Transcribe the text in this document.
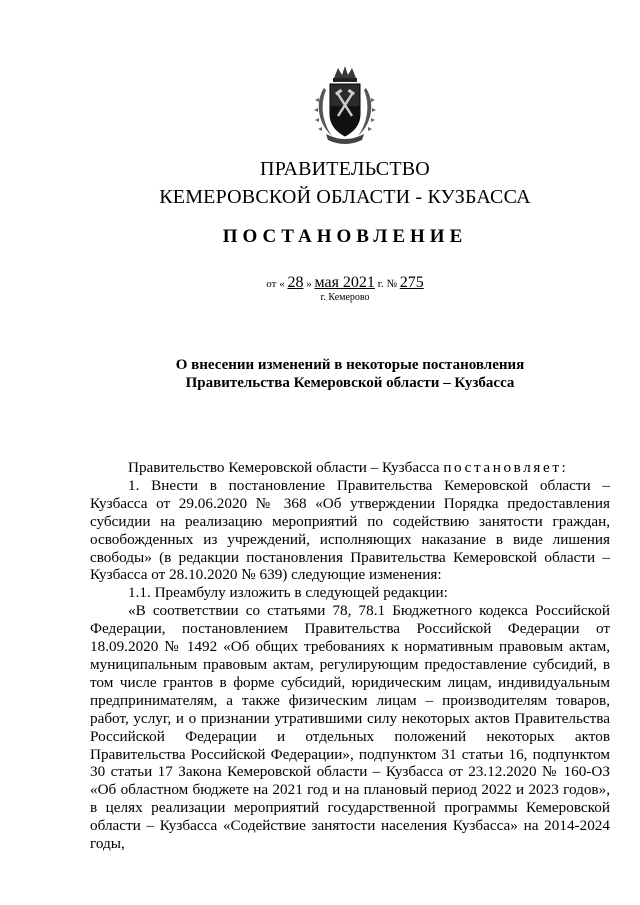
ПРАВИТЕЛЬСТВО
КЕМЕРОВСКОЙ ОБЛАСТИ - КУЗБАССА
ПОСТАНОВЛЕНИЕ
от « 28 » мая 2021 г. № 275
г. Кемерово
О внесении изменений в некоторые постановления
Правительства Кемеровской области – Кузбасса

Правительство Кемеровской области – Кузбасса постановляет:

1. Внести в постановление Правительства Кемеровской области – Кузбасса от 29.06.2020 № 368 «Об утверждении Порядка предоставления субсидии на реализацию мероприятий по содействию занятости граждан, освобожденных из учреждений, исполняющих наказание в виде лишения свободы» (в редакции постановления Правительства Кемеровской области – Кузбасса от 28.10.2020 № 639) следующие изменения:

1.1. Преамбулу изложить в следующей редакции:

«В соответствии со статьями 78, 78.1 Бюджетного кодекса Российской Федерации, постановлением Правительства Российской Федерации от 18.09.2020 № 1492 «Об общих требованиях к нормативным правовым актам, муниципальным правовым актам, регулирующим предоставление субсидий, в том числе грантов в форме субсидий, юридическим лицам, индивидуальным предпринимателям, а также физическим лицам – производителям товаров, работ, услуг, и о признании утратившими силу некоторых актов Правительства Российской Федерации и отдельных положений некоторых актов Правительства Российской Федерации», подпунктом 31 статьи 16, подпунктом 30 статьи 17 Закона Кемеровской области – Кузбасса от 23.12.2020 № 160-ОЗ «Об областном бюджете на 2021 год и на плановый период 2022 и 2023 годов», в целях реализации мероприятий государственной программы Кемеровской области – Кузбасса «Содействие занятости населения Кузбасса» на 2014-2024 годы,
